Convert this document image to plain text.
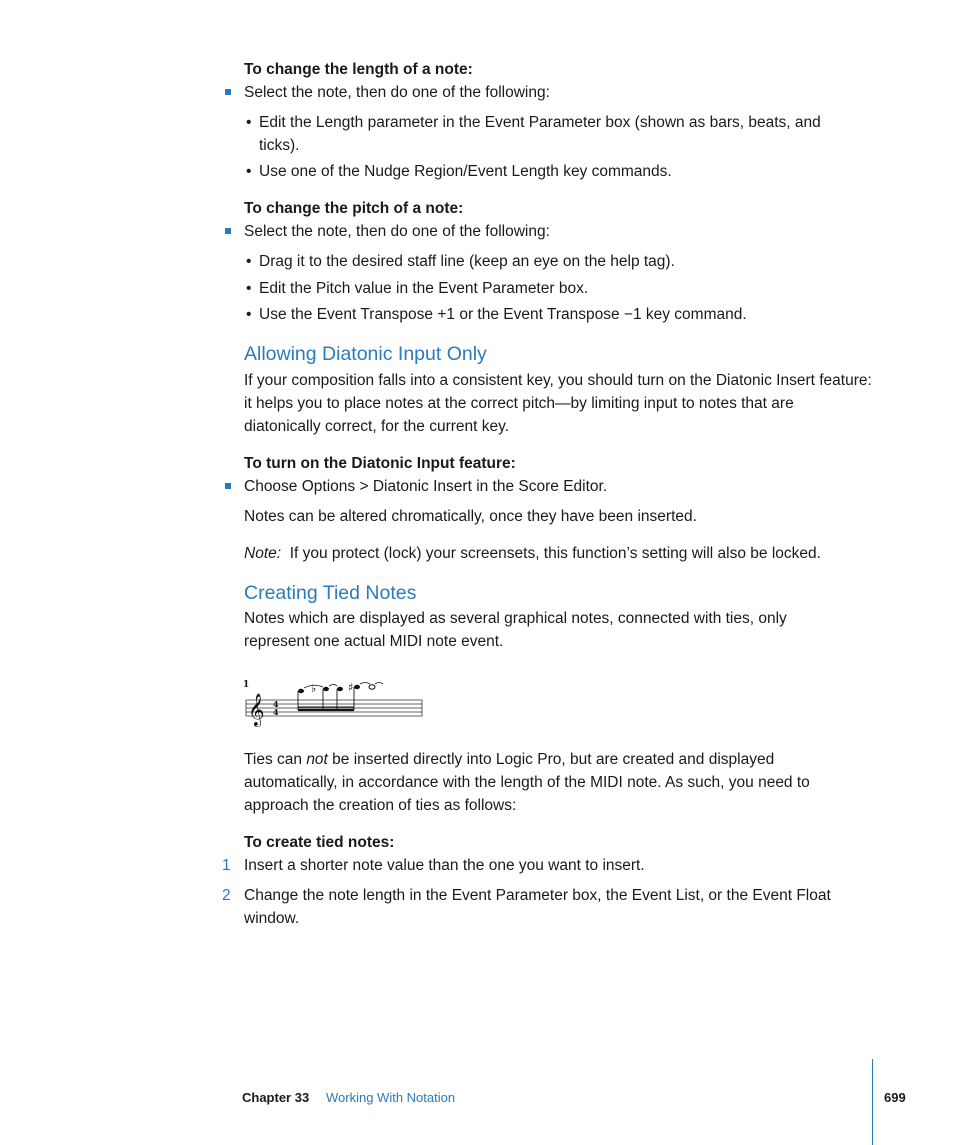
To change the length of a note:
Select the note, then do one of the following:
• Edit the Length parameter in the Event Parameter box (shown as bars, beats, and ticks).
• Use one of the Nudge Region/Event Length key commands.
To change the pitch of a note:
Select the note, then do one of the following:
• Drag it to the desired staff line (keep an eye on the help tag).
• Edit the Pitch value in the Event Parameter box.
• Use the Event Transpose +1 or the Event Transpose −1 key command.
Allowing Diatonic Input Only
If your composition falls into a consistent key, you should turn on the Diatonic Insert feature: it helps you to place notes at the correct pitch—by limiting input to notes that are diatonically correct, for the current key.
To turn on the Diatonic Input feature:
Choose Options > Diatonic Insert in the Score Editor.
Notes can be altered chromatically, once they have been inserted.
Note: If you protect (lock) your screensets, this function’s setting will also be locked.
Creating Tied Notes
Notes which are displayed as several graphical notes, connected with ties, only represent one actual MIDI note event.
1
𝄞 4
4
♭	♯
Ties can not be inserted directly into Logic Pro, but are created and displayed automatically, in accordance with the length of the MIDI note. As such, you need to approach the creation of ties as follows:
To create tied notes:
1 Insert a shorter note value than the one you want to insert.
2 Change the note length in the Event Parameter box, the Event List, or the Event Float window.
Chapter 33 Working With Notation	699
